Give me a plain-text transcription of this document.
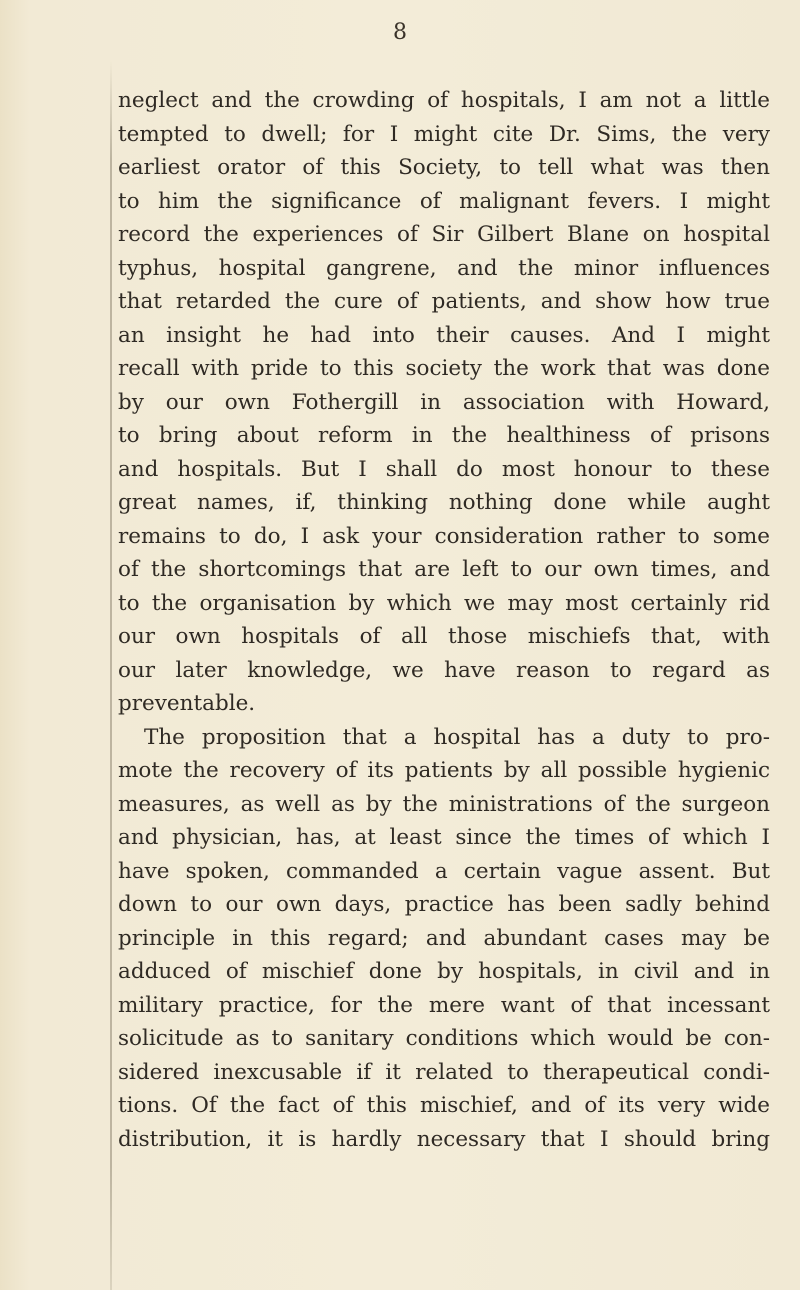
8
neglect and the crowding of hospitals, I am not a little
tempted to dwell; for I might cite Dr. Sims, the very
earliest orator of this Society, to tell what was then
to him the significance of malignant fevers. I might
record the experiences of Sir Gilbert Blane on hospital
typhus, hospital gangrene, and the minor influences
that retarded the cure of patients, and show how true
an insight he had into their causes. And I might
recall with pride to this society the work that was done
by our own Fothergill in association with Howard,
to bring about reform in the healthiness of prisons
and hospitals. But I shall do most honour to these
great names, if, thinking nothing done while aught
remains to do, I ask your consideration rather to some
of the shortcomings that are left to our own times, and
to the organisation by which we may most certainly rid
our own hospitals of all those mischiefs that, with
our later knowledge, we have reason to regard as
preventable.
The proposition that a hospital has a duty to pro-
mote the recovery of its patients by all possible hygienic
measures, as well as by the ministrations of the surgeon
and physician, has, at least since the times of which I
have spoken, commanded a certain vague assent. But
down to our own days, practice has been sadly behind
principle in this regard; and abundant cases may be
adduced of mischief done by hospitals, in civil and in
military practice, for the mere want of that incessant
solicitude as to sanitary conditions which would be con-
sidered inexcusable if it related to therapeutical condi-
tions. Of the fact of this mischief, and of its very wide
distribution, it is hardly necessary that I should bring
